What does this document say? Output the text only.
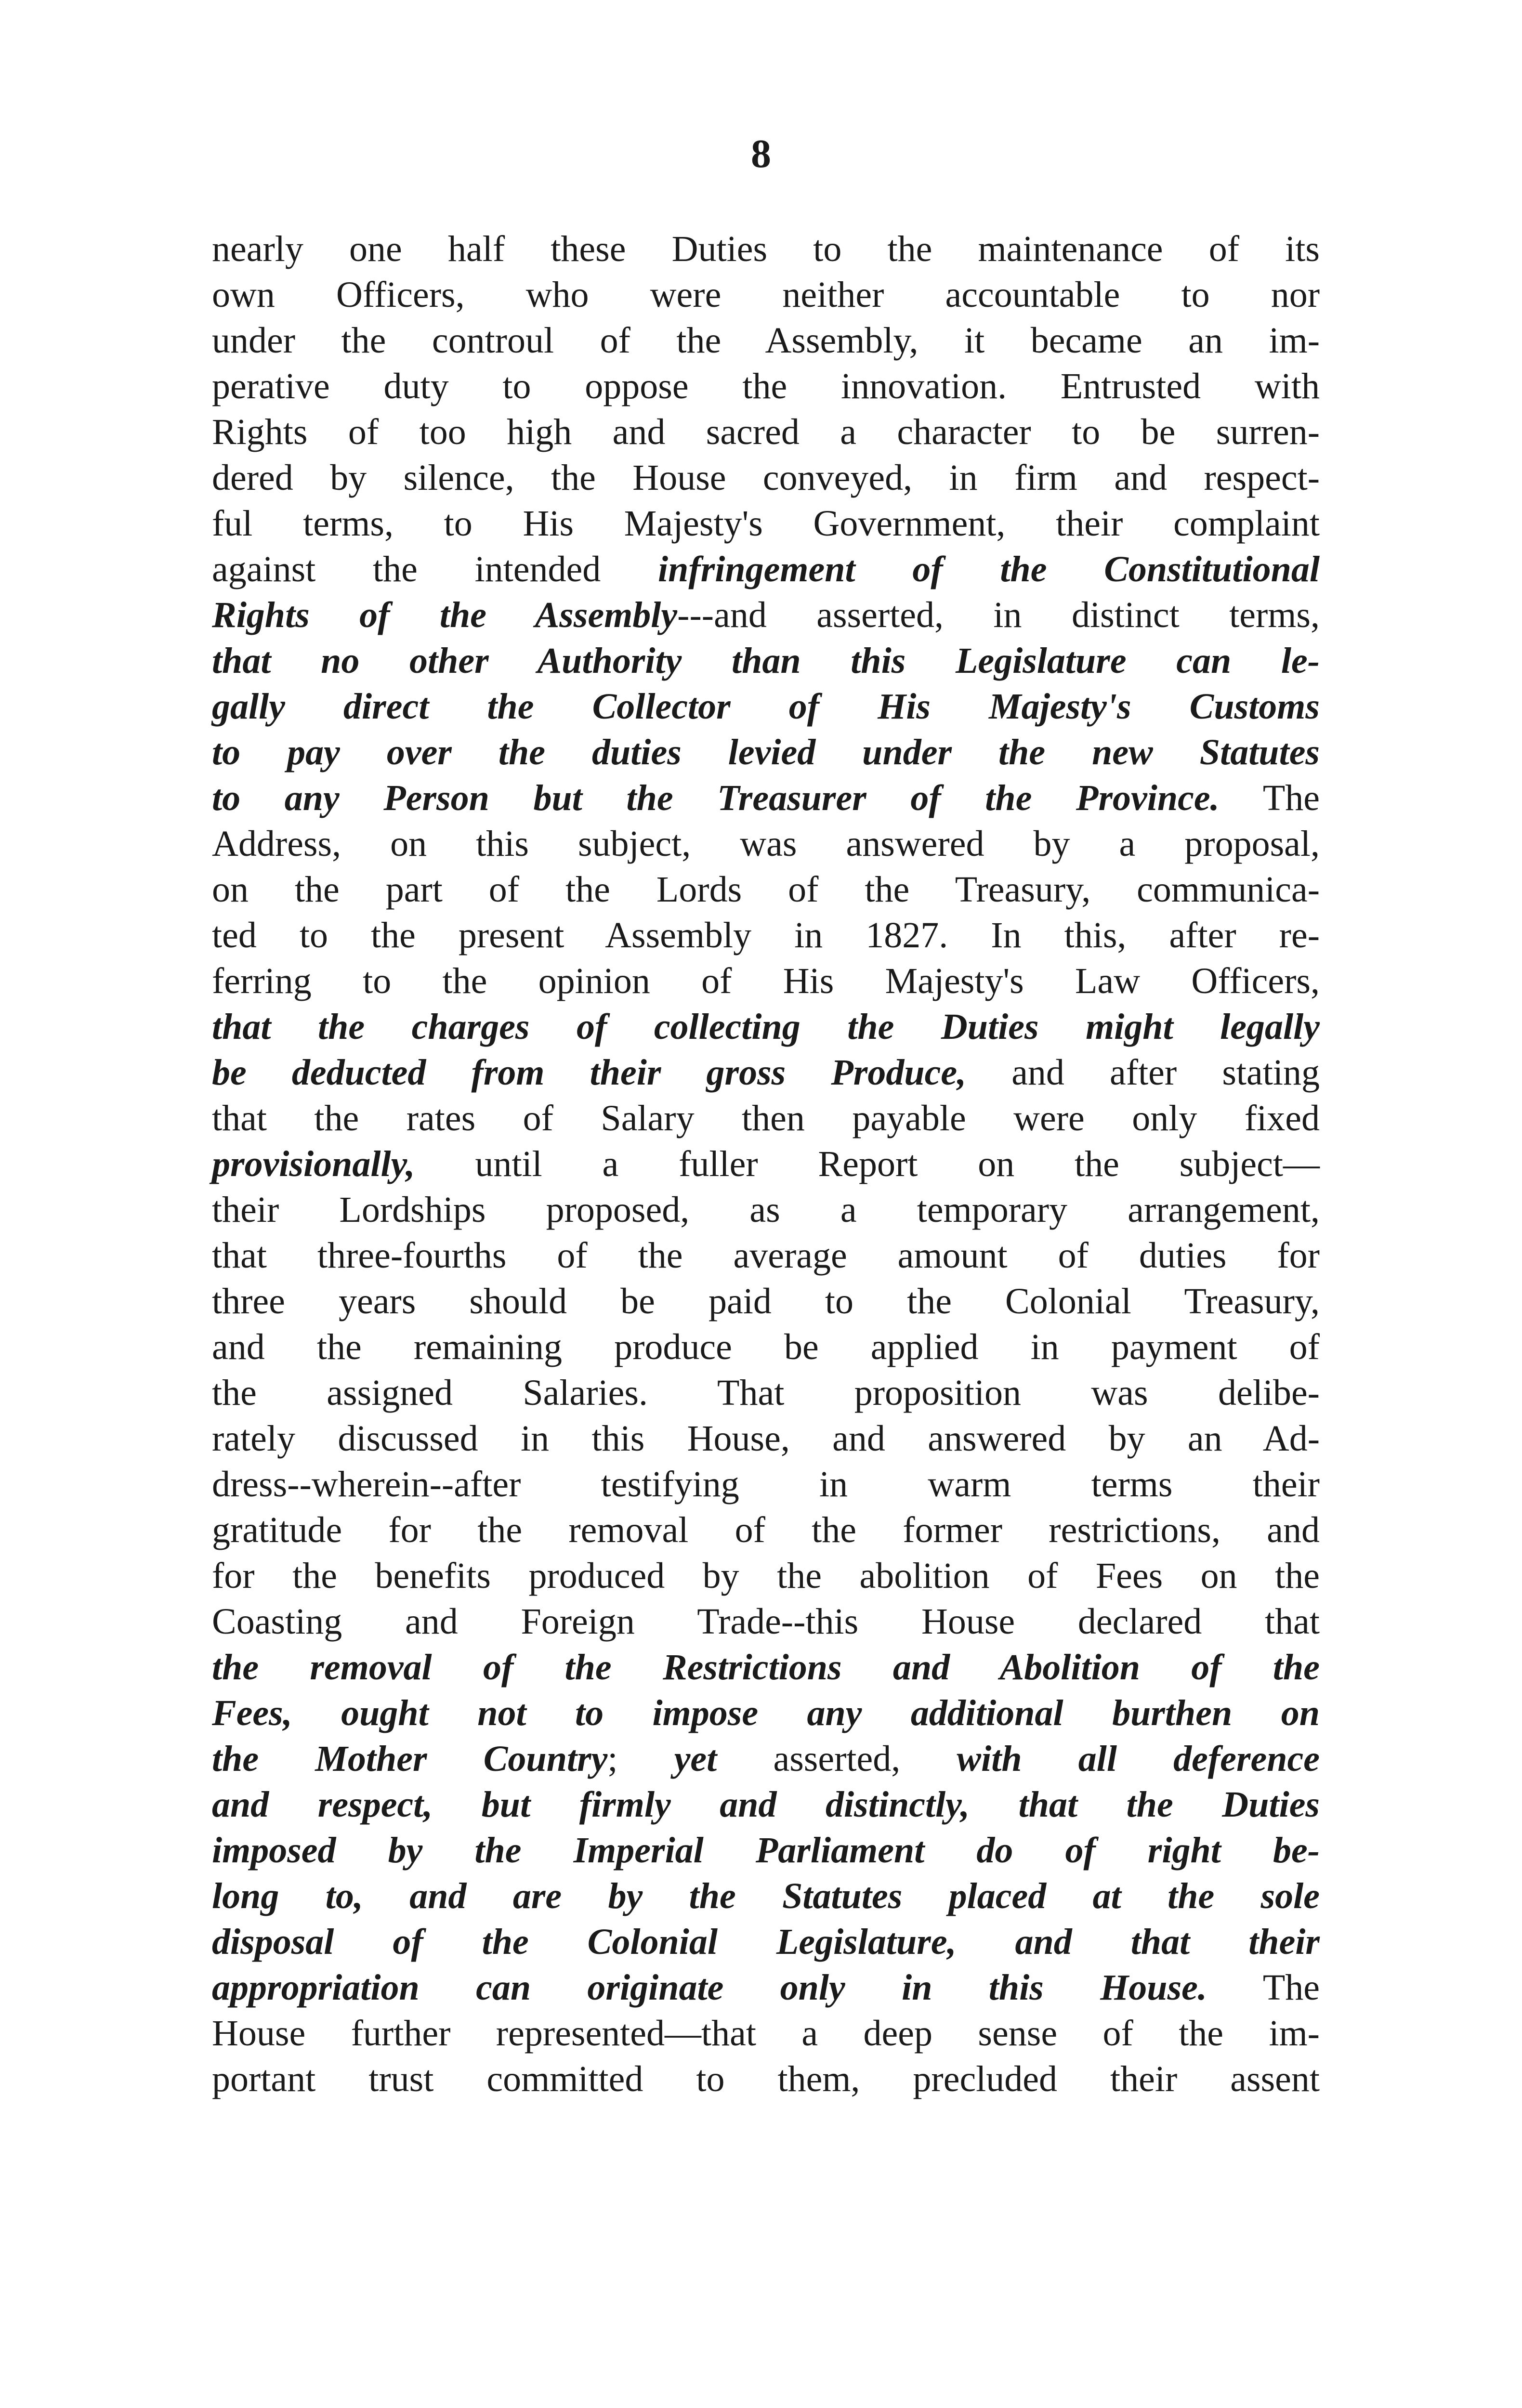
8
nearly one half these Duties to the maintenance of its
own Officers, who were neither accountable to nor
under the controul of the Assembly, it became an im-
perative duty to oppose the innovation. Entrusted with
Rights of too high and sacred a character to be surren-
dered by silence, the House conveyed, in firm and respect-
ful terms, to His Majesty's Government, their complaint
against the intended infringement of the Constitutional
Rights of the Assembly---and asserted, in distinct terms,
that no other Authority than this Legislature can le-
gally direct the Collector of His Majesty's Customs
to pay over the duties levied under the new Statutes
to any Person but the Treasurer of the Province. The
Address, on this subject, was answered by a proposal,
on the part of the Lords of the Treasury, communica-
ted to the present Assembly in 1827. In this, after re-
ferring to the opinion of His Majesty's Law Officers,
that the charges of collecting the Duties might legally
be deducted from their gross Produce, and after stating
that the rates of Salary then payable were only fixed
provisionally, until a fuller Report on the subject—
their Lordships proposed, as a temporary arrangement,
that three-fourths of the average amount of duties for
three years should be paid to the Colonial Treasury,
and the remaining produce be applied in payment of
the assigned Salaries. That proposition was delibe-
rately discussed in this House, and answered by an Ad-
dress--wherein--after testifying in warm terms their
gratitude for the removal of the former restrictions, and
for the benefits produced by the abolition of Fees on the
Coasting and Foreign Trade--this House declared that
the removal of the Restrictions and Abolition of the
Fees, ought not to impose any additional burthen on
the Mother Country; yet asserted, with all deference
and respect, but firmly and distinctly, that the Duties
imposed by the Imperial Parliament do of right be-
long to, and are by the Statutes placed at the sole
disposal of the Colonial Legislature, and that their
appropriation can originate only in this House. The
House further represented—that a deep sense of the im-
portant trust committed to them, precluded their assent
